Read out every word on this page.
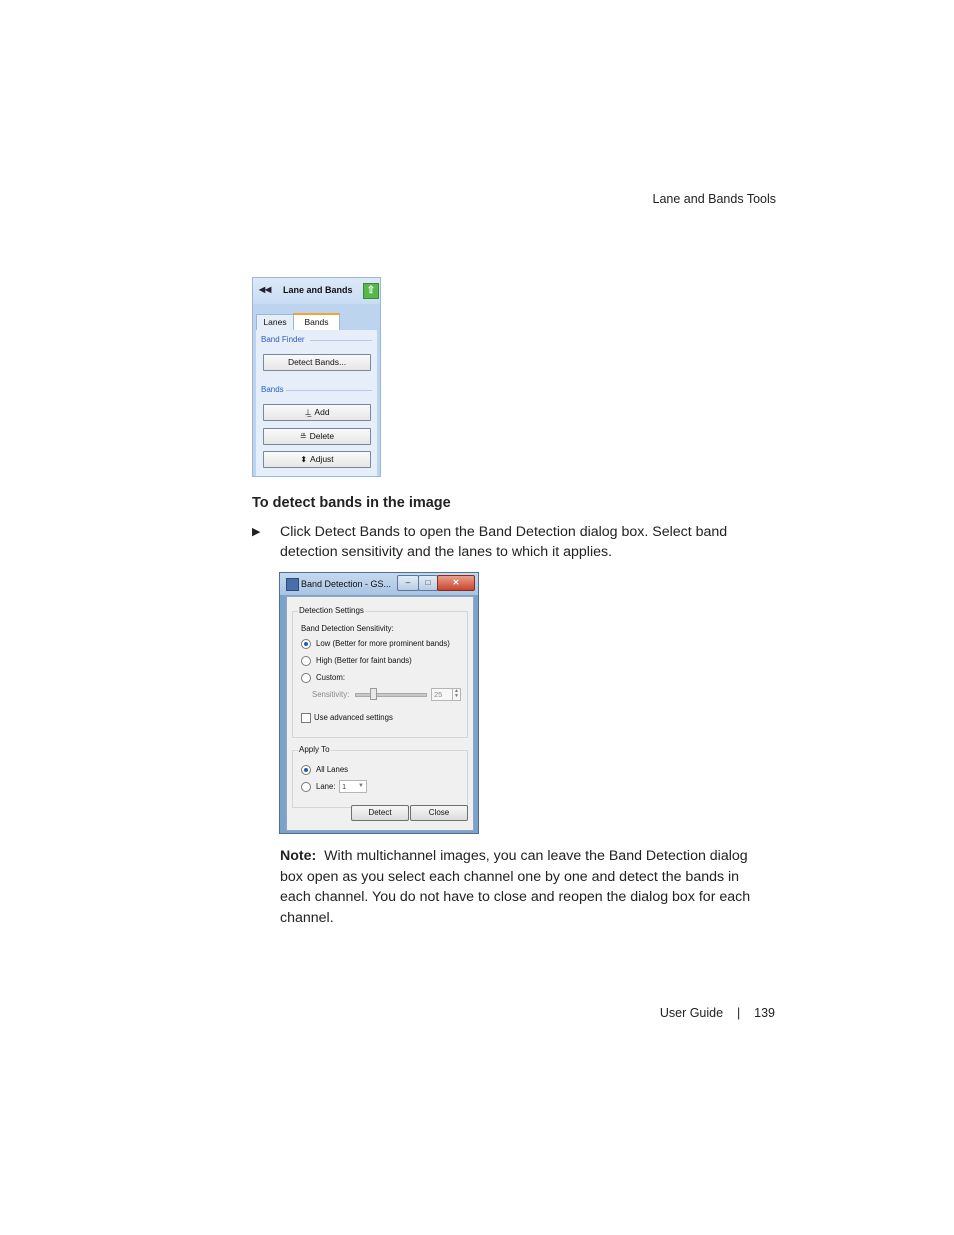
Lane and Bands Tools
◀◀ Lane and Bands	⇧
Lanes	Bands
Band Finder
Detect Bands...
Bands
⊥̲ Add
≞ Delete
⬍ Adjust
To detect bands in the image
▶ Click Detect Bands to open the Band Detection dialog box. Select band detection sensitivity and the lanes to which it applies.
Band Detection - GS...	–	□	✕
Detection Settings
Band Detection Sensitivity:
Low (Better for more prominent bands)
High (Better for faint bands)
Custom:
Sensitivity:	25	▲
▼
Use advanced settings
Apply To
All Lanes
Lane: 1 ▼
Detect	Close
Note: With multichannel images, you can leave the Band Detection dialog box open as you select each channel one by one and detect the bands in each channel. You do not have to close and reopen the dialog box for each channel.
User Guide | 139
